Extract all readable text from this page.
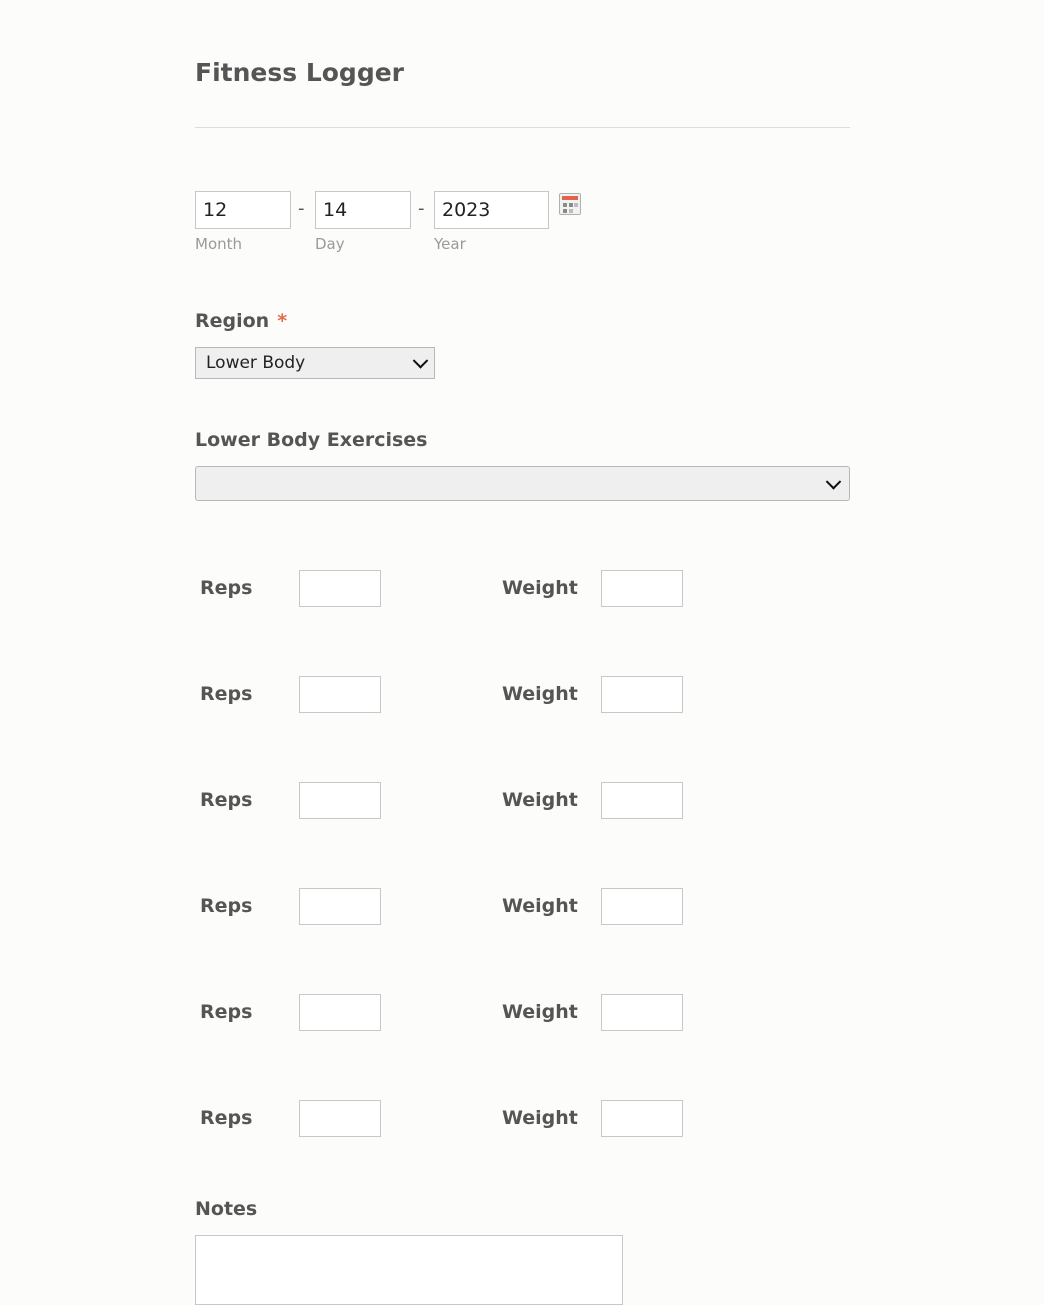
Fitness Logger
12
-
14	-
2023
Month	Day	Year
Region *
Lower Body
Lower Body Exercises
Reps	Weight
Reps	Weight
Reps	Weight
Reps	Weight
Reps	Weight
Reps	Weight
Notes
